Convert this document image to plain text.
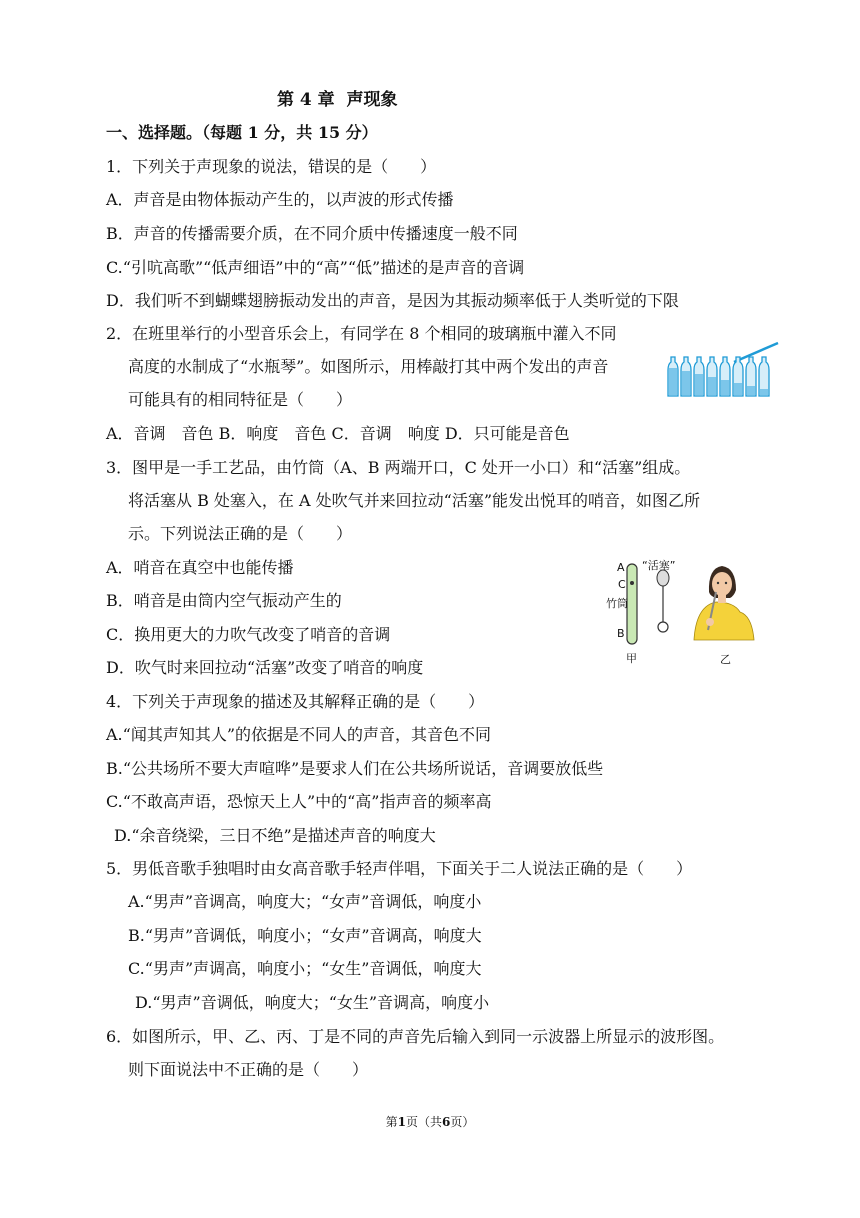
第 4 章  声现象
一、选择题。（每题 1 分，共 15 分）
1．下列关于声现象的说法，错误的是（　　）
A．声音是由物体振动产生的，以声波的形式传播
B．声音的传播需要介质，在不同介质中传播速度一般不同
C.“引吭高歌”“低声细语”中的“高”“低”描述的是声音的音调
D．我们听不到蝴蝶翅膀振动发出的声音，是因为其振动频率低于人类听觉的下限
2．在班里举行的小型音乐会上，有同学在 8 个相同的玻璃瓶中灌入不同
高度的水制成了“水瓶琴”。如图所示，用棒敲打其中两个发出的声音
可能具有的相同特征是（　　）
A．音调　音色 B．响度　音色 C．音调　响度 D．只可能是音色
3．图甲是一手工艺品，由竹筒（A、B 两端开口，C 处开一小口）和“活塞”组成。
将活塞从 B 处塞入，在 A 处吹气并来回拉动“活塞”能发出悦耳的哨音，如图乙所
示。下列说法正确的是（　　）
A．哨音在真空中也能传播
B．哨音是由筒内空气振动产生的
C．换用更大的力吹气改变了哨音的音调
D．吹气时来回拉动“活塞”改变了哨音的响度
4．下列关于声现象的描述及其解释正确的是（　　）
A.“闻其声知其人”的依据是不同人的声音，其音色不同
B.“公共场所不要大声喧哗”是要求人们在公共场所说话，音调要放低些
C.“不敢高声语，恐惊天上人”中的“高”指声音的频率高
D.“余音绕梁，三日不绝”是描述声音的响度大
5．男低音歌手独唱时由女高音歌手轻声伴唱，下面关于二人说法正确的是（　　）
A.“男声”音调高，响度大；“女声”音调低，响度小
B.“男声”音调低，响度小；“女声”音调高，响度大
C.“男声”声调高，响度小；“女生”音调低，响度大
D.“男声”音调低，响度大；“女生”音调高，响度小
6．如图所示，甲、乙、丙、丁是不同的声音先后输入到同一示波器上所显示的波形图。
则下面说法中不正确的是（　　）
A
C
竹筒
B
“活塞”
甲	乙
第1页（共6页）
